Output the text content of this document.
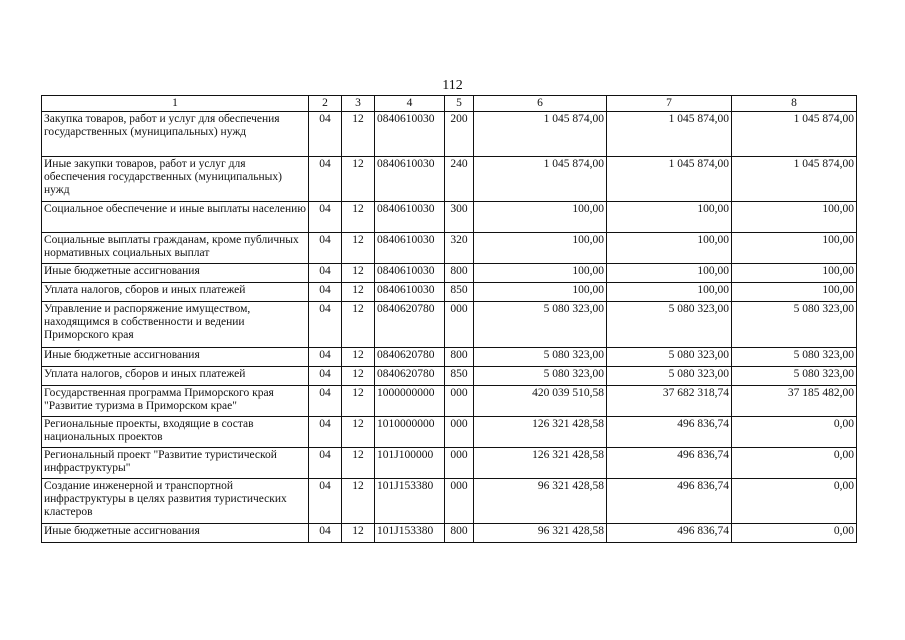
112
1	2	3	4	5	6	7	8
Закупка товаров, работ и услуг для обеспечения государственных (муниципальных) нужд	04	12	0840610030	200	1 045 874,00	1 045 874,00	1 045 874,00
Иные закупки товаров, работ и услуг для обеспечения государственных (муниципальных) нужд	04	12	0840610030	240	1 045 874,00	1 045 874,00	1 045 874,00
Социальное обеспечение и иные выплаты населению	04	12	0840610030	300	100,00	100,00	100,00
Социальные выплаты гражданам, кроме публичных нормативных социальных выплат	04	12	0840610030	320	100,00	100,00	100,00
Иные бюджетные ассигнования	04	12	0840610030	800	100,00	100,00	100,00
Уплата налогов, сборов и иных платежей	04	12	0840610030	850	100,00	100,00	100,00
Управление и распоряжение имуществом, находящимся в собственности и ведении Приморского края	04	12	0840620780	000	5 080 323,00	5 080 323,00	5 080 323,00
Иные бюджетные ассигнования	04	12	0840620780	800	5 080 323,00	5 080 323,00	5 080 323,00
Уплата налогов, сборов и иных платежей	04	12	0840620780	850	5 080 323,00	5 080 323,00	5 080 323,00
Государственная программа Приморского края "Развитие туризма в Приморском крае"	04	12	1000000000	000	420 039 510,58	37 682 318,74	37 185 482,00
Региональные проекты, входящие в состав национальных проектов	04	12	1010000000	000	126 321 428,58	496 836,74	0,00
Региональный проект "Развитие туристической инфраструктуры"	04	12	101J100000	000	126 321 428,58	496 836,74	0,00
Создание инженерной и транспортной инфраструктуры в целях развития туристических кластеров	04	12	101J153380	000	96 321 428,58	496 836,74	0,00
Иные бюджетные ассигнования	04	12	101J153380	800	96 321 428,58	496 836,74	0,00
